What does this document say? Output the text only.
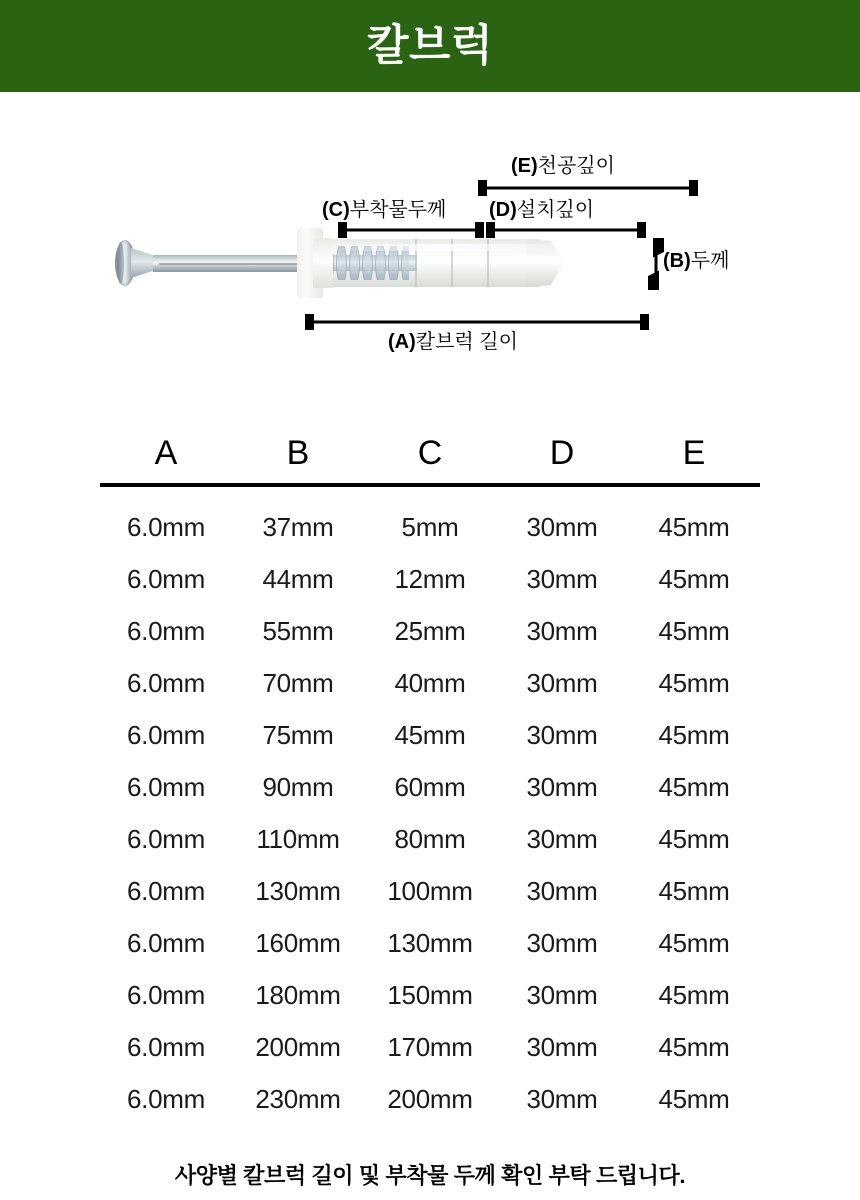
칼브럭
(E)천공깊이
(C)부착물두께 (D)설치깊이
(B)두께
(A)칼브럭 길이
A	B	C	D	E
6.0mm	37mm	5mm	30mm	45mm
6.0mm	44mm	12mm	30mm	45mm
6.0mm	55mm	25mm	30mm	45mm
6.0mm	70mm	40mm	30mm	45mm
6.0mm	75mm	45mm	30mm	45mm
6.0mm	90mm	60mm	30mm	45mm
6.0mm	110mm	80mm	30mm	45mm
6.0mm	130mm	100mm	30mm	45mm
6.0mm	160mm	130mm	30mm	45mm
6.0mm	180mm	150mm	30mm	45mm
6.0mm	200mm	170mm	30mm	45mm
6.0mm	230mm	200mm	30mm	45mm
사양별 칼브럭 길이 및 부착물 두께 확인 부탁 드립니다.
